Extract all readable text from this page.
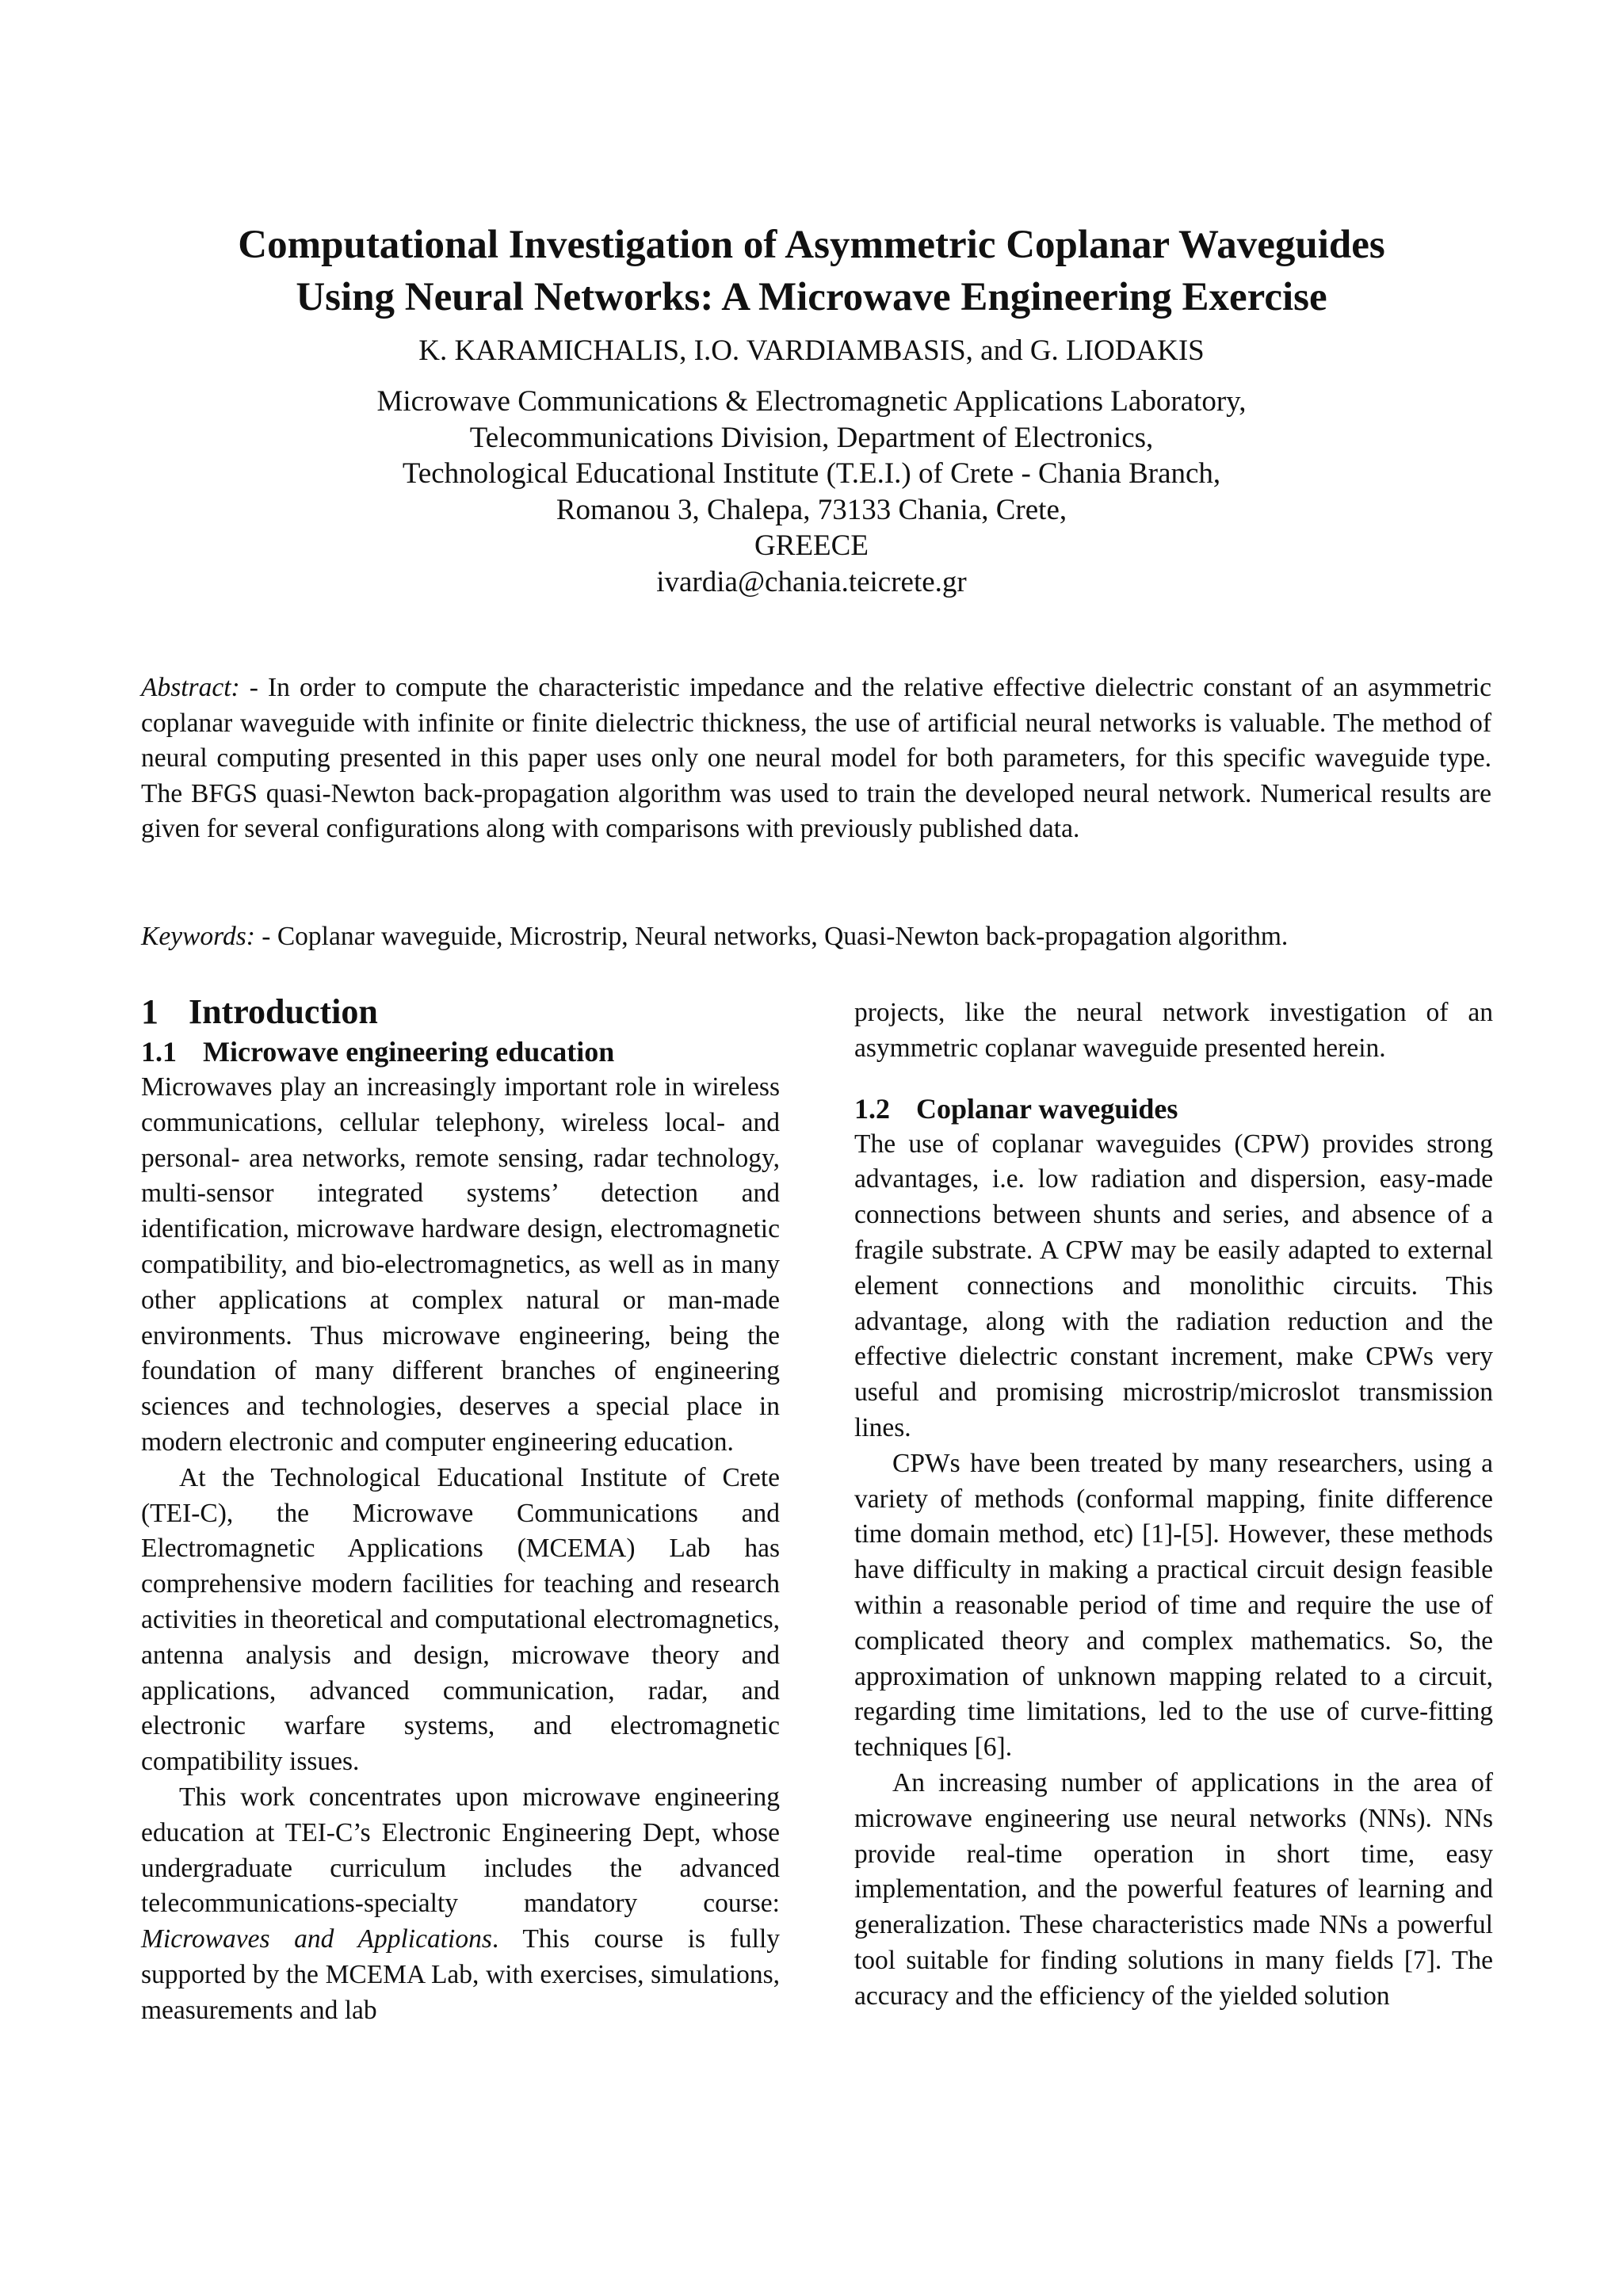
Computational Investigation of Asymmetric Coplanar Waveguides
Using Neural Networks: A Microwave Engineering Exercise
K. KARAMICHALIS, I.O. VARDIAMBASIS, and G. LIODAKIS
Microwave Communications & Electromagnetic Applications Laboratory,
Telecommunications Division, Department of Electronics,
Technological Educational Institute (T.E.I.) of Crete - Chania Branch,
Romanou 3, Chalepa, 73133 Chania, Crete,
GREECE
ivardia@chania.teicrete.gr

Abstract: - In order to compute the characteristic impedance and the relative effective dielectric constant of an asymmetric coplanar waveguide with infinite or finite dielectric thickness, the use of artificial neural networks is valuable. The method of neural computing presented in this paper uses only one neural model for both parameters, for this specific waveguide type. The BFGS quasi-Newton back-propagation algorithm was used to train the developed neural network. Numerical results are given for several configurations along with comparisons with previously published data.

Keywords: - Coplanar waveguide, Microstrip, Neural networks, Quasi-Newton back-propagation algorithm.

1 Introduction
1.1 Microwave engineering education

Microwaves play an increasingly important role in wireless communications, cellular telephony, wireless local- and personal- area networks, remote sensing, radar technology, multi-sensor integrated systems’ detection and identification, microwave hardware design, electromagnetic compatibility, and bio-electromagnetics, as well as in many other applications at complex natural or man-made environments. Thus microwave engineering, being the foundation of many different branches of engineering sciences and technologies, deserves a special place in modern electronic and computer engineering education.

At the Technological Educational Institute of Crete (TEI-C), the Microwave Communications and Electromagnetic Applications (MCEMA) Lab has comprehensive modern facilities for teaching and research activities in theoretical and computational electromagnetics, antenna analysis and design, microwave theory and applications, advanced communication, radar, and electronic warfare systems, and electromagnetic compatibility issues.

This work concentrates upon microwave engineering education at TEI-C’s Electronic Engineering Dept, whose undergraduate curriculum includes the advanced telecommunications-specialty mandatory course: Microwaves and Applications. This course is fully supported by the MCEMA Lab, with exercises, simulations, measurements and lab

projects, like the neural network investigation of an asymmetric coplanar waveguide presented herein.

1.2 Coplanar waveguides

The use of coplanar waveguides (CPW) provides strong advantages, i.e. low radiation and dispersion, easy-made connections between shunts and series, and absence of a fragile substrate. A CPW may be easily adapted to external element connections and monolithic circuits. This advantage, along with the radiation reduction and the effective dielectric constant increment, make CPWs very useful and promising microstrip/microslot transmission lines.

CPWs have been treated by many researchers, using a variety of methods (conformal mapping, finite difference time domain method, etc) [1]-[5]. However, these methods have difficulty in making a practical circuit design feasible within a reasonable period of time and require the use of complicated theory and complex mathematics. So, the approximation of unknown mapping related to a circuit, regarding time limitations, led to the use of curve-fitting techniques [6].

An increasing number of applications in the area of microwave engineering use neural networks (NNs). NNs provide real-time operation in short time, easy implementation, and the powerful features of learning and generalization. These characteristics made NNs a powerful tool suitable for finding solutions in many fields [7]. The accuracy and the efficiency of the yielded solution
